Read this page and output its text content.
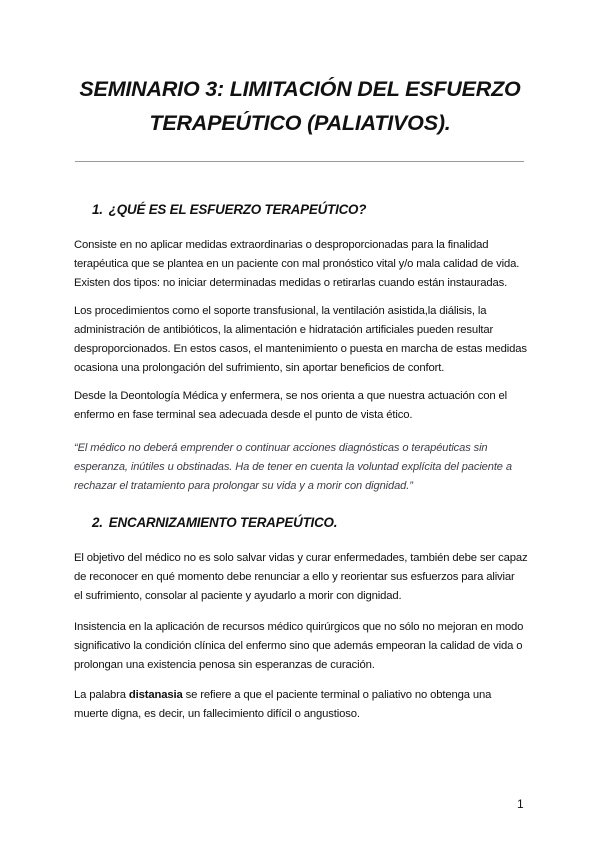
SEMINARIO 3: LIMITACIÓN DEL ESFUERZO
TERAPEÚTICO (PALIATIVOS).
1. ¿QUÉ ES EL ESFUERZO TERAPEÚTICO?

Consiste en no aplicar medidas extraordinarias o desproporcionadas para la finalidad

terapéutica que se plantea en un paciente con mal pronóstico vital y/o mala calidad de vida.

Existen dos tipos: no iniciar determinadas medidas o retirarlas cuando están instauradas.

Los procedimientos como el soporte transfusional, la ventilación asistida,la diálisis, la

administración de antibióticos, la alimentación e hidratación artificiales pueden resultar

desproporcionados. En estos casos, el mantenimiento o puesta en marcha de estas medidas

ocasiona una prolongación del sufrimiento, sin aportar beneficios de confort.

Desde la Deontología Médica y enfermera, se nos orienta a que nuestra actuación con el

enfermo en fase terminal sea adecuada desde el punto de vista ético.

“El médico no deberá emprender o continuar acciones diagnósticas o terapéuticas sin

esperanza, inútiles u obstinadas. Ha de tener en cuenta la voluntad explícita del paciente a

rechazar el tratamiento para prolongar su vida y a morir con dignidad.”

2. ENCARNIZAMIENTO TERAPEÚTICO.

El objetivo del médico no es solo salvar vidas y curar enfermedades, también debe ser capaz

de reconocer en qué momento debe renunciar a ello y reorientar sus esfuerzos para aliviar

el sufrimiento, consolar al paciente y ayudarlo a morir con dignidad.

Insistencia en la aplicación de recursos médico quirúrgicos que no sólo no mejoran en modo

significativo la condición clínica del enfermo sino que además empeoran la calidad de vida o

prolongan una existencia penosa sin esperanzas de curación.

La palabra distanasia se refiere a que el paciente terminal o paliativo no obtenga una

muerte digna, es decir, un fallecimiento difícil o angustioso.

1
